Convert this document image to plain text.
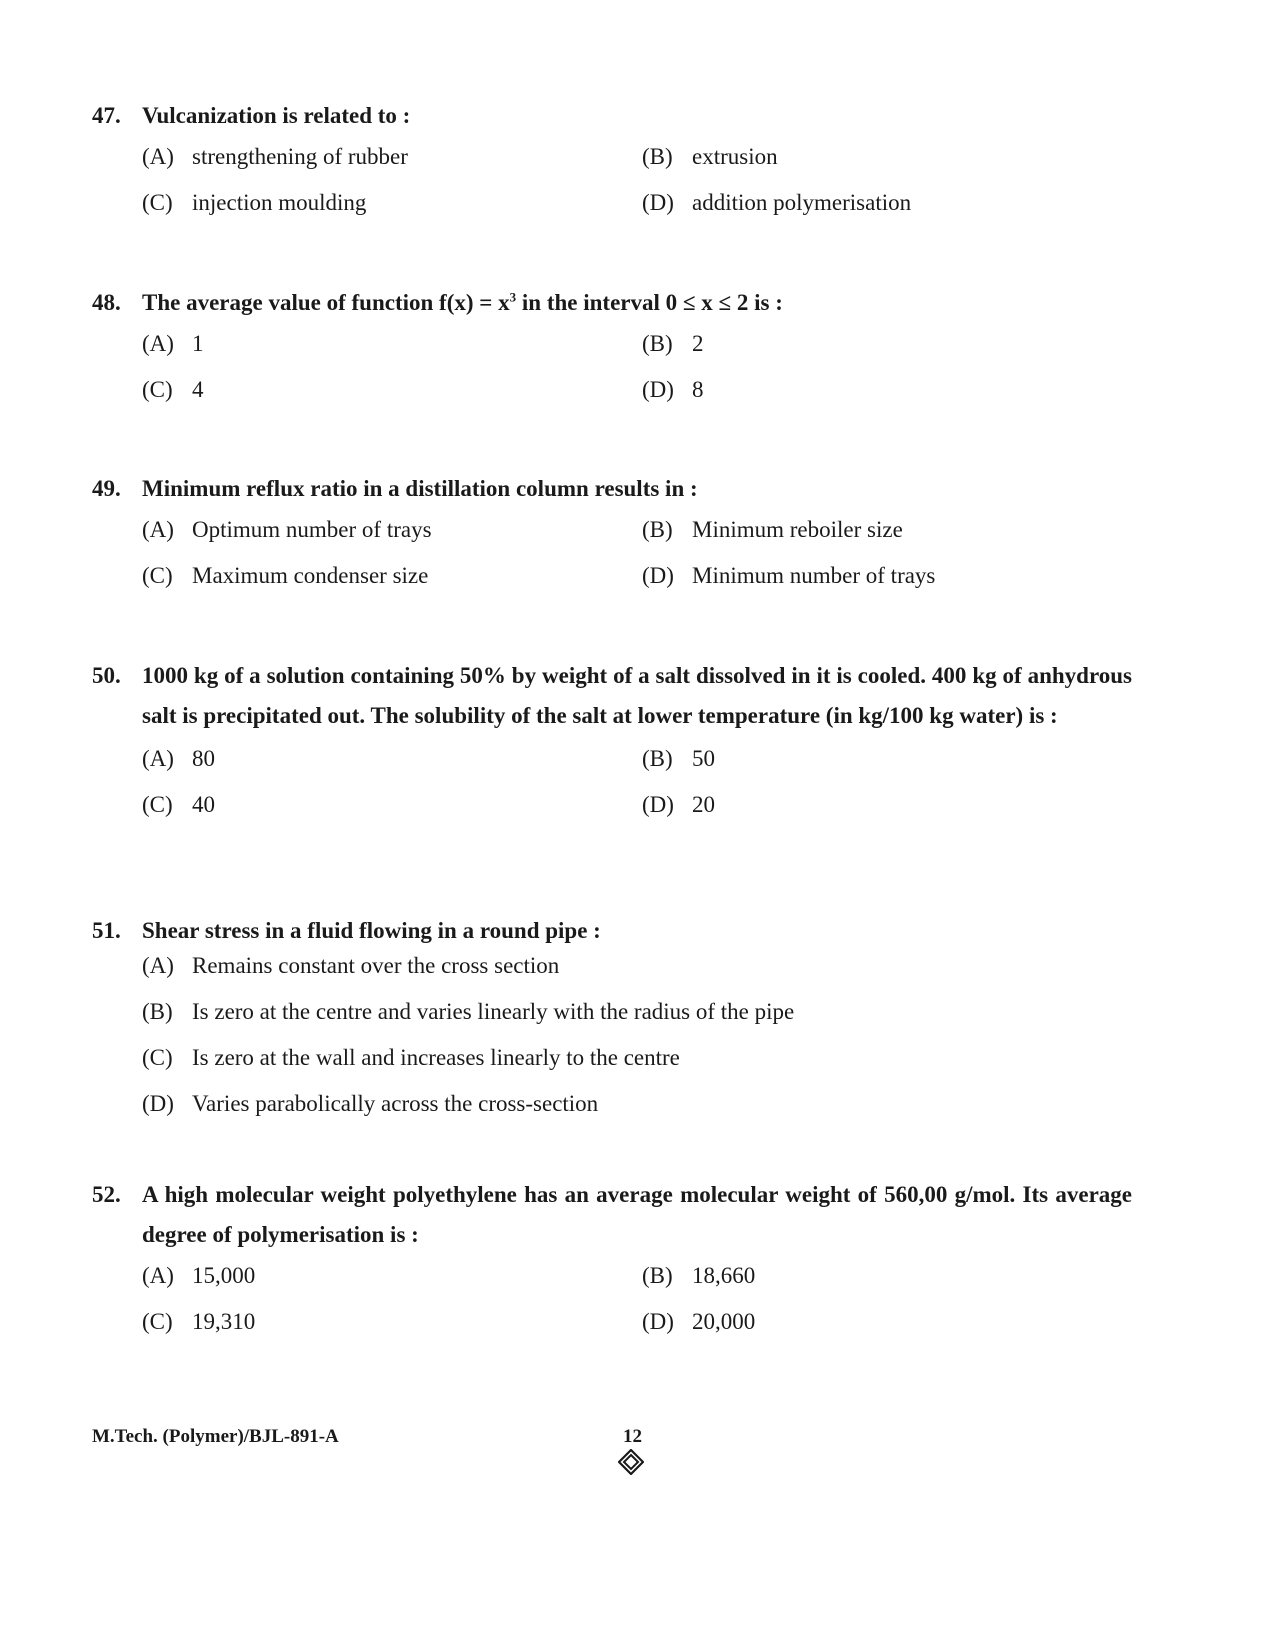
47. Vulcanization is related to :
(A) strengthening of rubber	(B) extrusion
(C) injection moulding	(D) addition polymerisation
48. The average value of function $f(x) = x^3$ in the interval 0 ≤ x ≤ 2 is :
(A) 1	(B) 2
(C) 4	(D) 8
49. Minimum reflux ratio in a distillation column results in :
(A) Optimum number of trays	(B) Minimum reboiler size
(C) Maximum condenser size	(D) Minimum number of trays
50. 1000 kg of a solution containing 50% by weight of a salt dissolved in it is cooled. 400 kg of anhydrous salt is precipitated out. The solubility of the salt at lower temperature (in kg/100 kg water) is :
(A) 80	(B) 50
(C) 40	(D) 20
51. Shear stress in a fluid flowing in a round pipe :
(A) Remains constant over the cross section
(B) Is zero at the centre and varies linearly with the radius of the pipe
(C) Is zero at the wall and increases linearly to the centre
(D) Varies parabolically across the cross-section
52. A high molecular weight polyethylene has an average molecular weight of 560,00 g/mol. Its average degree of polymerisation is :
(A) 15,000	(B) 18,660
(C) 19,310	(D) 20,000
M.Tech. (Polymer)/BJL-891-A	12
